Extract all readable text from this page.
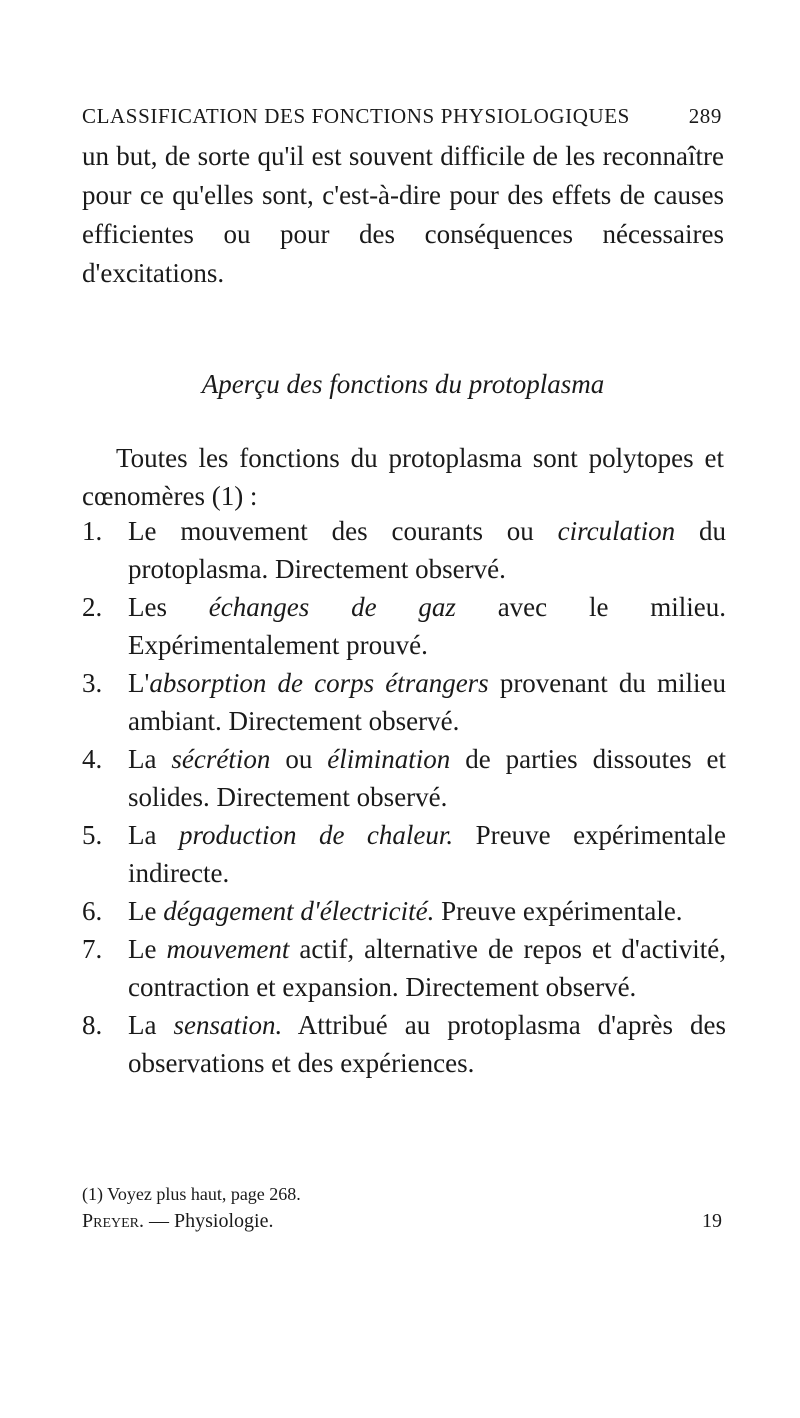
CLASSIFICATION DES FONCTIONS PHYSIOLOGIQUES	289
un but, de sorte qu'il est souvent difficile de les reconnaître pour ce qu'elles sont, c'est-à-dire pour des effets de causes efficientes ou pour des conséquences nécessaires d'excitations.
Aperçu des fonctions du protoplasma
Toutes les fonctions du protoplasma sont polytopes et cœnomères (1) :
1. Le mouvement des courants ou circulation du protoplasma. Directement observé.
2. Les échanges de gaz avec le milieu. Expérimentalement prouvé.
3. L'absorption de corps étrangers provenant du milieu ambiant. Directement observé.
4. La sécrétion ou élimination de parties dissoutes et solides. Directement observé.
5. La production de chaleur. Preuve expérimentale indirecte.
6. Le dégagement d'électricité. Preuve expérimentale.
7. Le mouvement actif, alternative de repos et d'activité, contraction et expansion. Directement observé.
8. La sensation. Attribué au protoplasma d'après des observations et des expériences.
(1) Voyez plus haut, page 268.
Preyer. — Physiologie.	19
